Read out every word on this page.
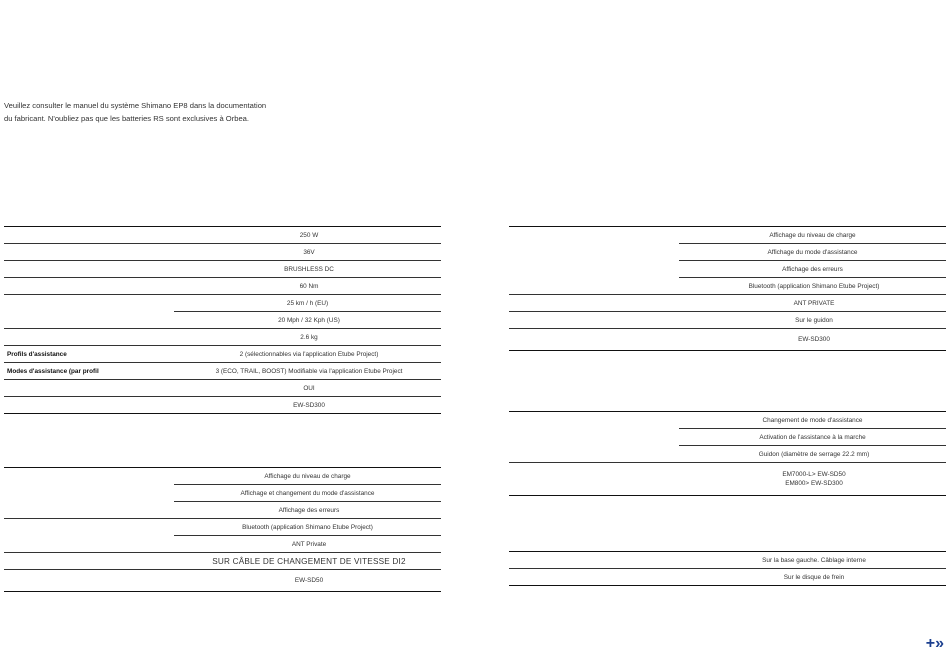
Veuillez consulter le manuel du système Shimano EP8 dans la documentation

du fabricant. N'oubliez pas que les batteries RS sont exclusives à Orbea.

250 W
36V
BRUSHLESS DC
60 Nm
25 km / h (EU)
20 Mph / 32 Kph (US)
2.6 kg
Profils d'assistance	2 (sélectionnables via l'application Etube Project)
Modes d'assistance (par profil	3 (ECO, TRAIL, BOOST) Modifiable via l'application Etube Project
OUI
EW-SD300
Affichage du niveau de charge
Affichage et changement du mode d'assistance
Affichage des erreurs
Bluetooth (application Shimano Etube Project)
ANT Private
SUR CÂBLE DE CHANGEMENT DE VITESSE DI2
EW-SD50
Affichage du niveau de charge
Affichage du mode d'assistance
Affichage des erreurs
Bluetooth (application Shimano Etube Project)
ANT PRIVATE
Sur le guidon
EW-SD300
Changement de mode d'assistance
Activation de l'assistance à la marche
Guidon (diamètre de serrage 22.2 mm)
EM7000-L> EW-SD50
EM800> EW-SD300
Sur la base gauche. Câblage interne
Sur le disque de frein
+»
